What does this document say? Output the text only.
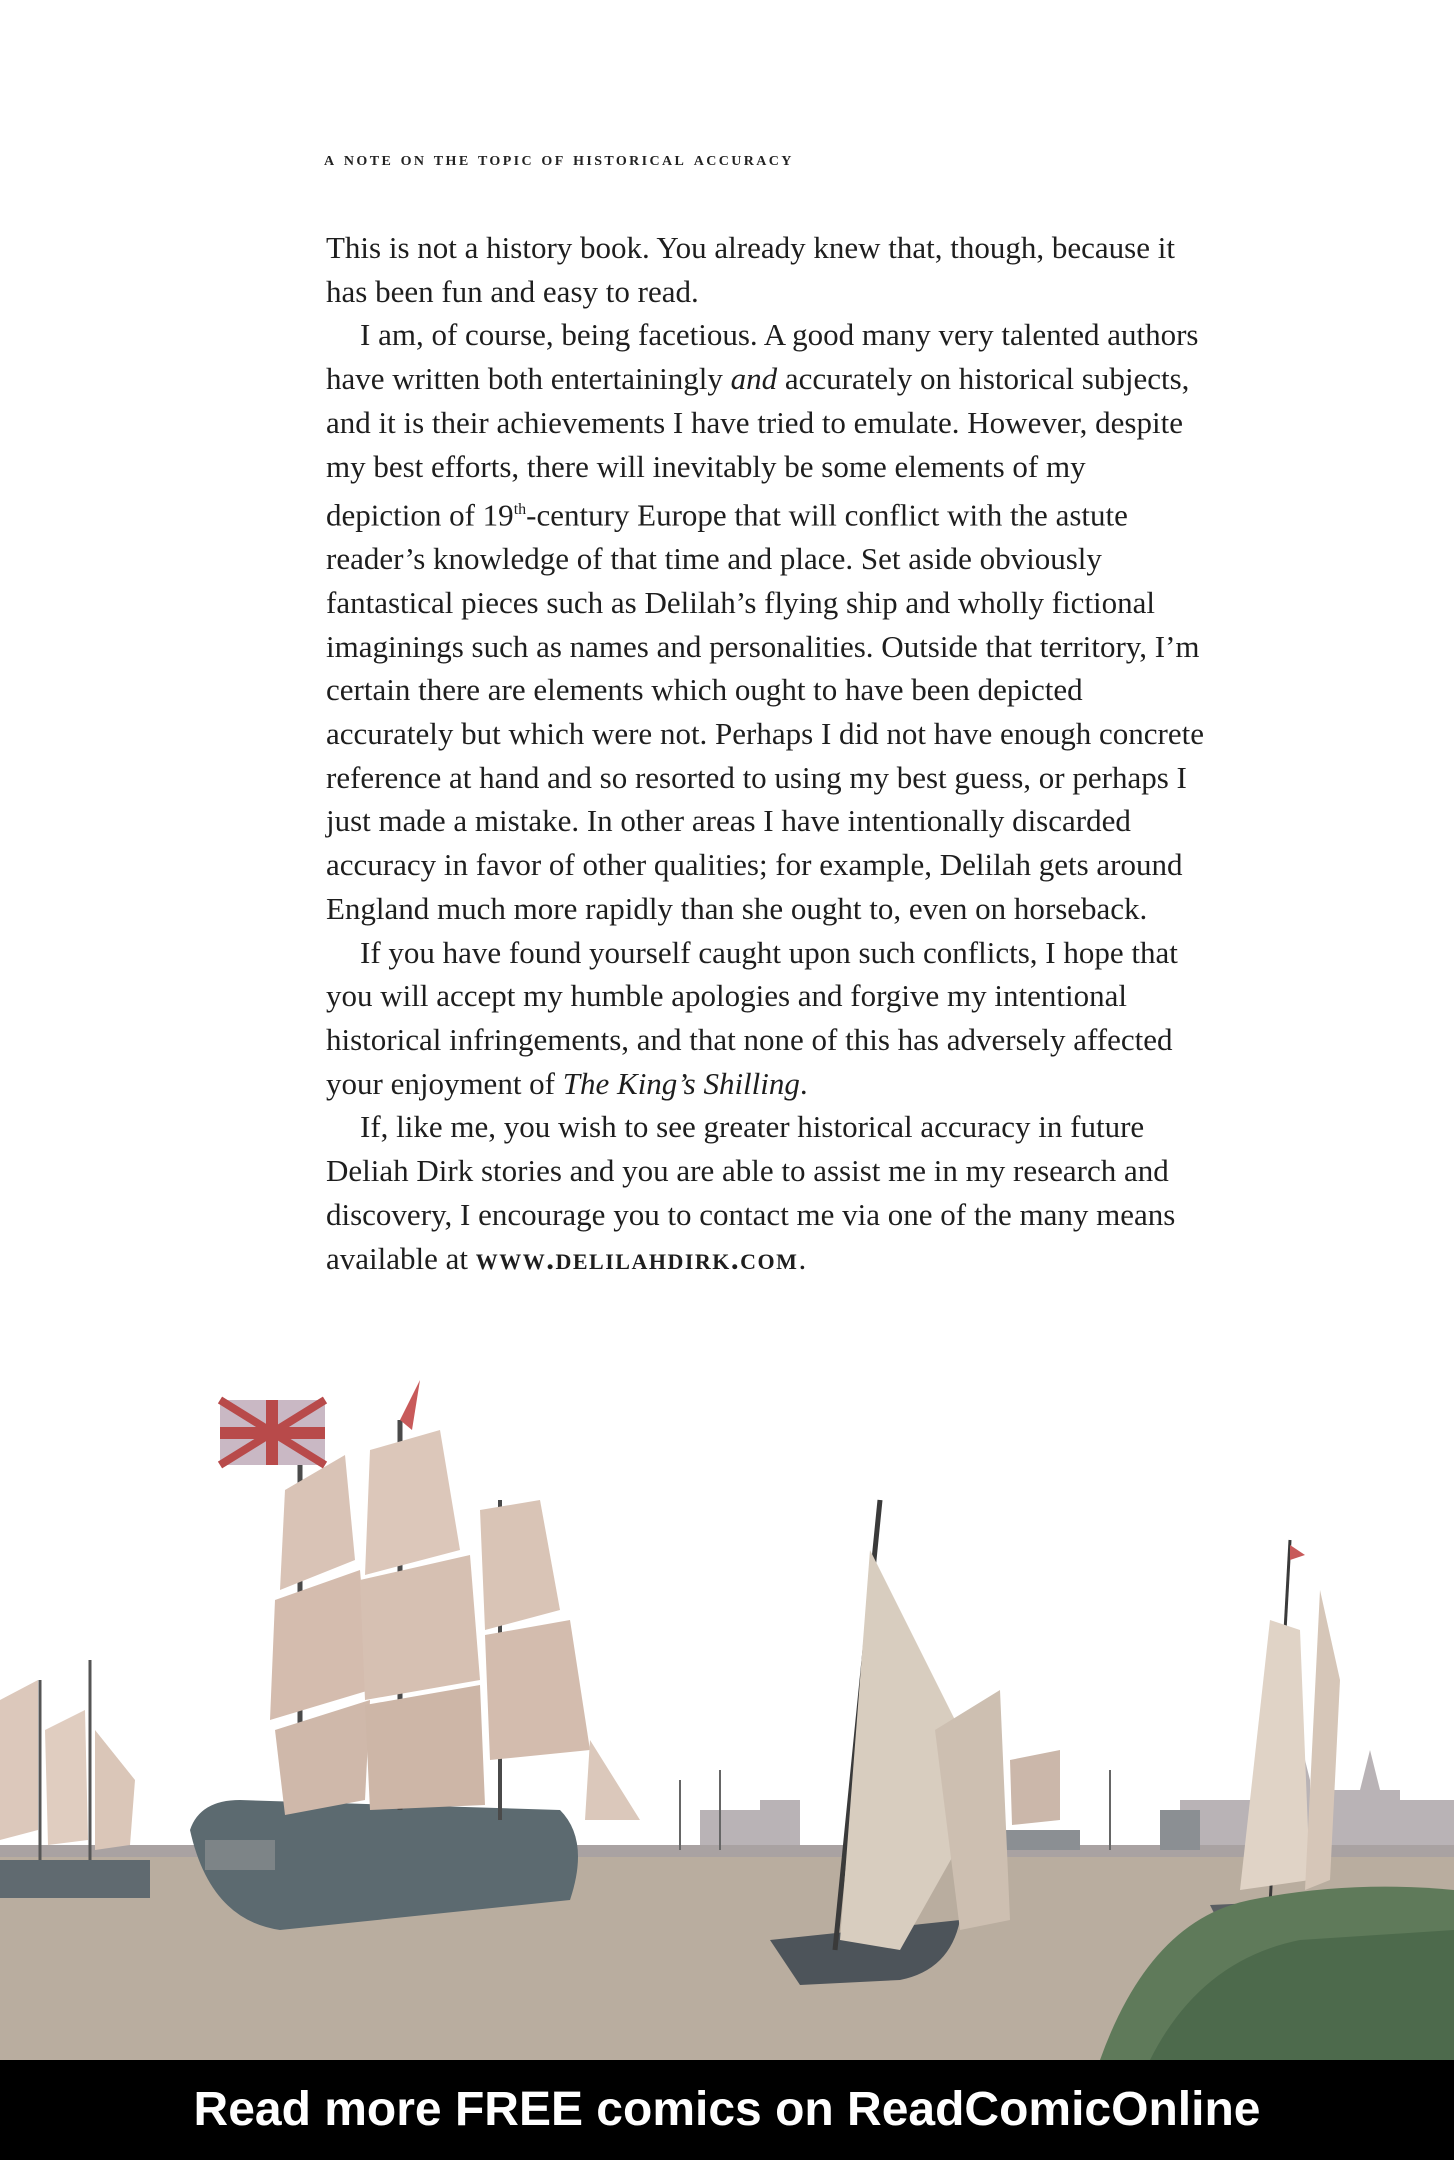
a note on the topic of historical accuracy

This is not a history book. You already knew that, though, because it has been fun and easy to read.

I am, of course, being facetious. A good many very talented authors have written both entertainingly and accurately on historical subjects, and it is their achievements I have tried to emulate. However, despite my best efforts, there will inevitably be some elements of my depiction of 19th-century Europe that will conflict with the astute reader’s knowledge of that time and place. Set aside obviously fantastical pieces such as Delilah’s flying ship and wholly fictional imaginings such as names and personalities. Outside that territory, I’m certain there are elements which ought to have been depicted accurately but which were not. Perhaps I did not have enough concrete reference at hand and so resorted to using my best guess, or perhaps I just made a mistake. In other areas I have intentionally discarded accuracy in favor of other qualities; for example, Delilah gets around England much more rapidly than she ought to, even on horseback.

If you have found yourself caught upon such conflicts, I hope that you will accept my humble apologies and forgive my intentional historical infringements, and that none of this has adversely affected your enjoyment of The King’s Shilling.

If, like me, you wish to see greater historical accuracy in future Deliah Dirk stories and you are able to assist me in my research and discovery, I encourage you to contact me via one of the many means available at www.delilahdirk.com.

Read more FREE comics on ReadComicOnline
